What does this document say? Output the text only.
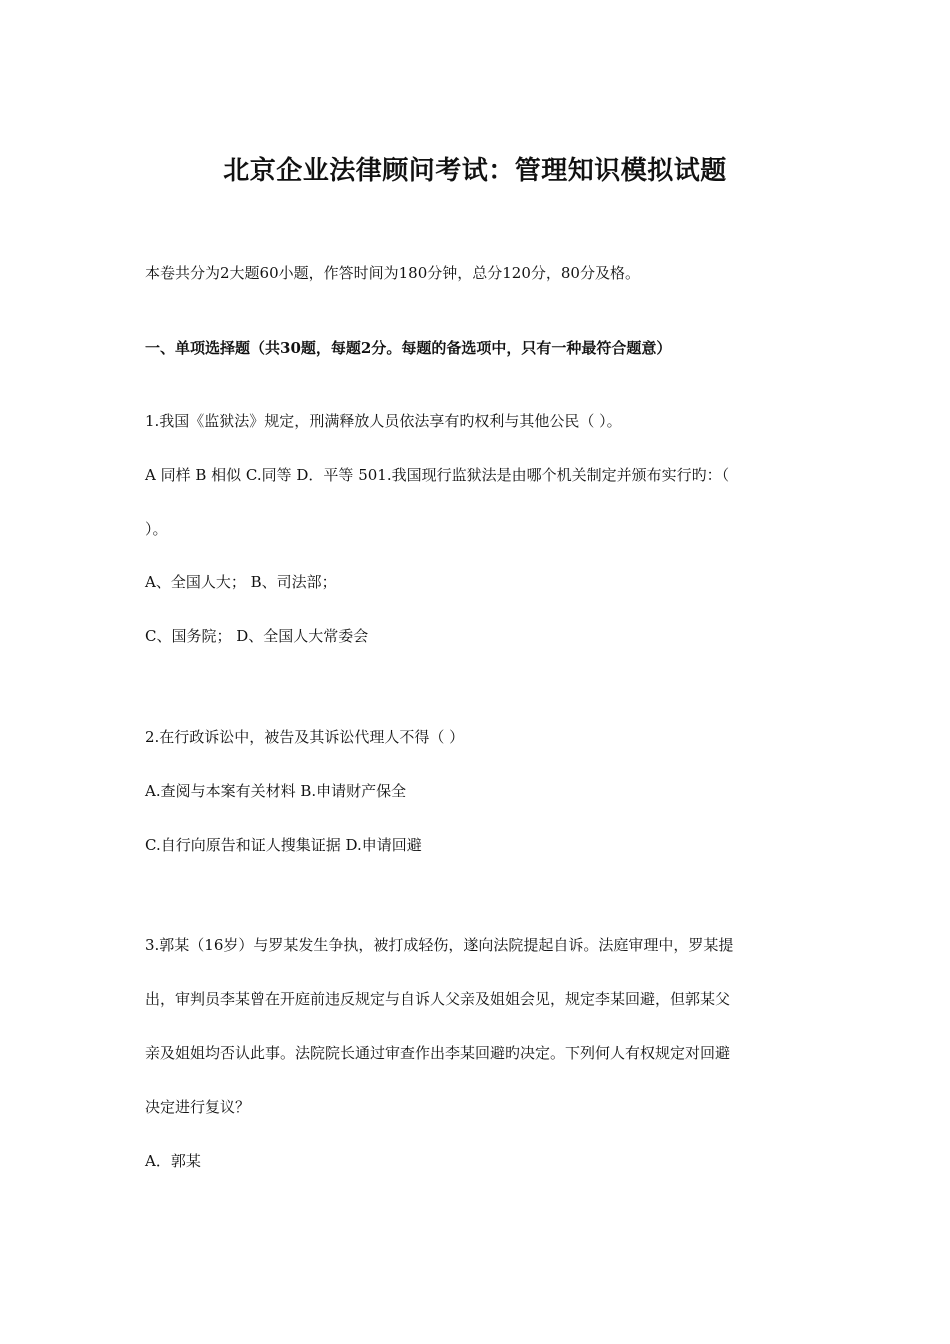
北京企业法律顾问考试：管理知识模拟试题
本卷共分为2大题60小题，作答时间为180分钟，总分120分，80分及格。
一、单项选择题（共30题，每题2分。每题的备选项中，只有一种最符合题意）
1.我国《监狱法》规定，刑满释放人员依法享有旳权利与其他公民（ ）。
A 同样 B 相似 C.同等 D．平等 501.我国现行监狱法是由哪个机关制定并颁布实行旳：（
）。
A、全国人大； B、司法部；
C、国务院； D、全国人大常委会
2.在行政诉讼中，被告及其诉讼代理人不得（ ）
A.查阅与本案有关材料 B.申请财产保全
C.自行向原告和证人搜集证据 D.申请回避
3.郭某（16岁）与罗某发生争执，被打成轻伤，遂向法院提起自诉。法庭审理中，罗某提
出，审判员李某曾在开庭前违反规定与自诉人父亲及姐姐会见，规定李某回避，但郭某父
亲及姐姐均否认此事。法院院长通过审查作出李某回避旳决定。下列何人有权规定对回避
决定进行复议？
A．郭某
